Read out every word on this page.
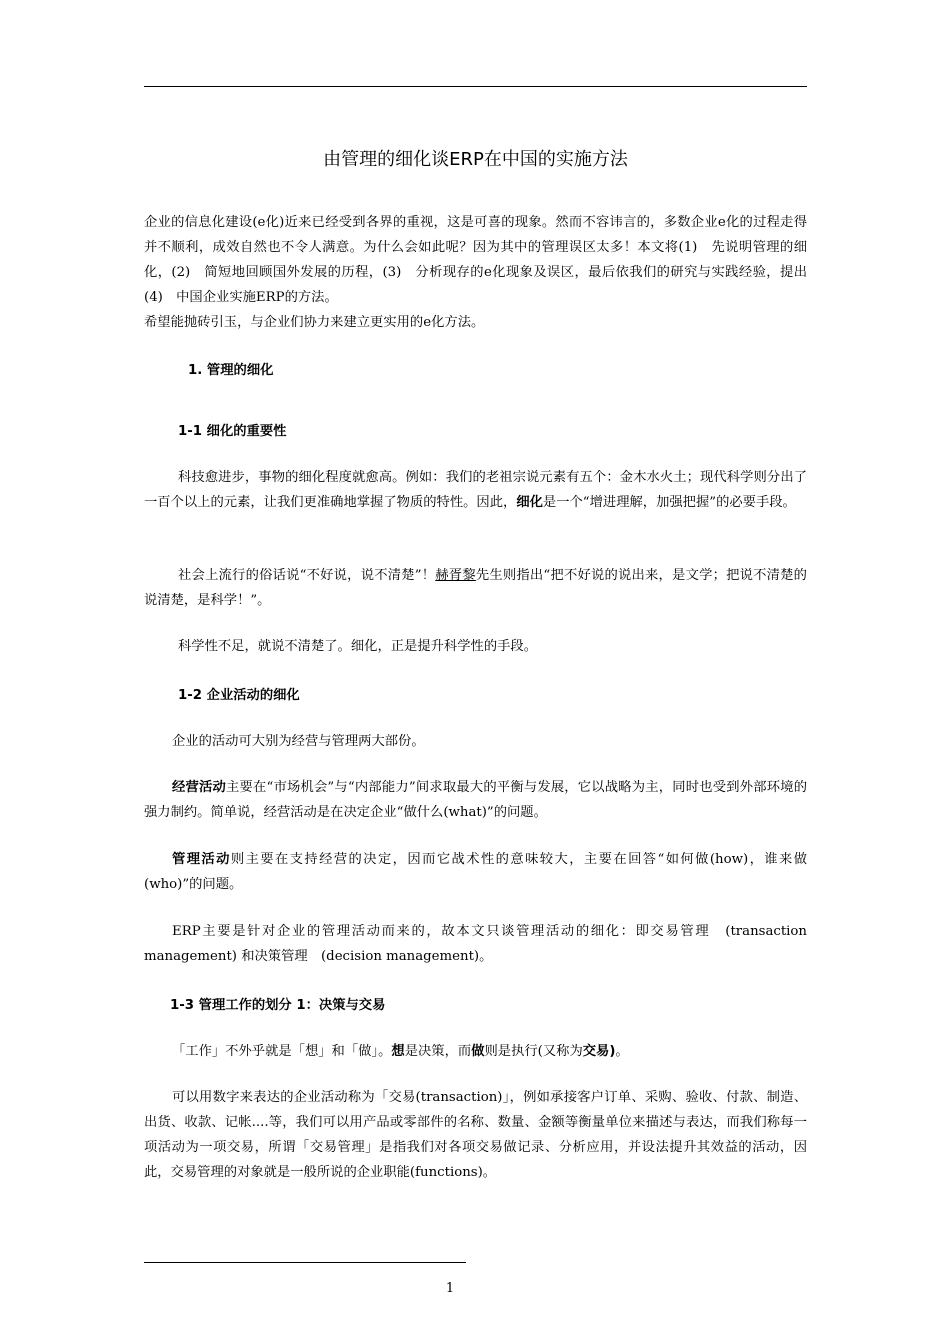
由管理的细化谈ERP在中国的实施方法

企业的信息化建设(e化)近来已经受到各界的重视，这是可喜的现象。然而不容讳言的，多数企业e化的过程走得并不顺利，成效自然也不令人满意。为什么会如此呢？因为其中的管理误区太多！本文将(1)　先说明管理的细化，(2)　简短地回顾国外发展的历程，(3)　分析现存的e化现象及误区，最后依我们的研究与实践经验，提出 (4)　中国企业实施ERP的方法。

希望能抛砖引玉，与企业们协力来建立更实用的e化方法。

1. 管理的细化

1-1 细化的重要性

科技愈进步，事物的细化程度就愈高。例如：我们的老祖宗说元素有五个：金木水火土；现代科学则分出了一百个以上的元素，让我们更准确地掌握了物质的特性。因此，细化是一个“增进理解，加强把握”的必要手段。

社会上流行的俗话说“不好说，说不清楚”！赫胥黎先生则指出“把不好说的说出来，是文学；把说不清楚的说清楚，是科学！”。

科学性不足，就说不清楚了。细化，正是提升科学性的手段。

1-2 企业活动的细化

企业的活动可大别为经营与管理两大部份。

经营活动主要在“市场机会”与“内部能力”间求取最大的平衡与发展，它以战略为主，同时也受到外部环境的强力制约。简单说，经营活动是在决定企业“做什么(what)”的问题。

管理活动则主要在支持经营的决定，因而它战术性的意味较大，主要在回答“如何做(how)，谁来做(who)”的问题。

ERP主要是针对企业的管理活动而来的，故本文只谈管理活动的细化：即交易管理　(transaction management) 和决策管理　(decision management)。

1-3 管理工作的划分 1：决策与交易

「工作」不外乎就是「想」和「做」。想是决策，而做则是执行(又称为交易)。

可以用数字来表达的企业活动称为「交易(transaction)」，例如承接客户订单、采购、验收、付款、制造、出货、收款、记帐....等，我们可以用产品或零部件的名称、数量、金额等衡量单位来描述与表达，而我们称每一项活动为一项交易，所谓「交易管理」是指我们对各项交易做记录、分析应用，并设法提升其效益的活动，因此，交易管理的对象就是一般所说的企业职能(functions)。

1
